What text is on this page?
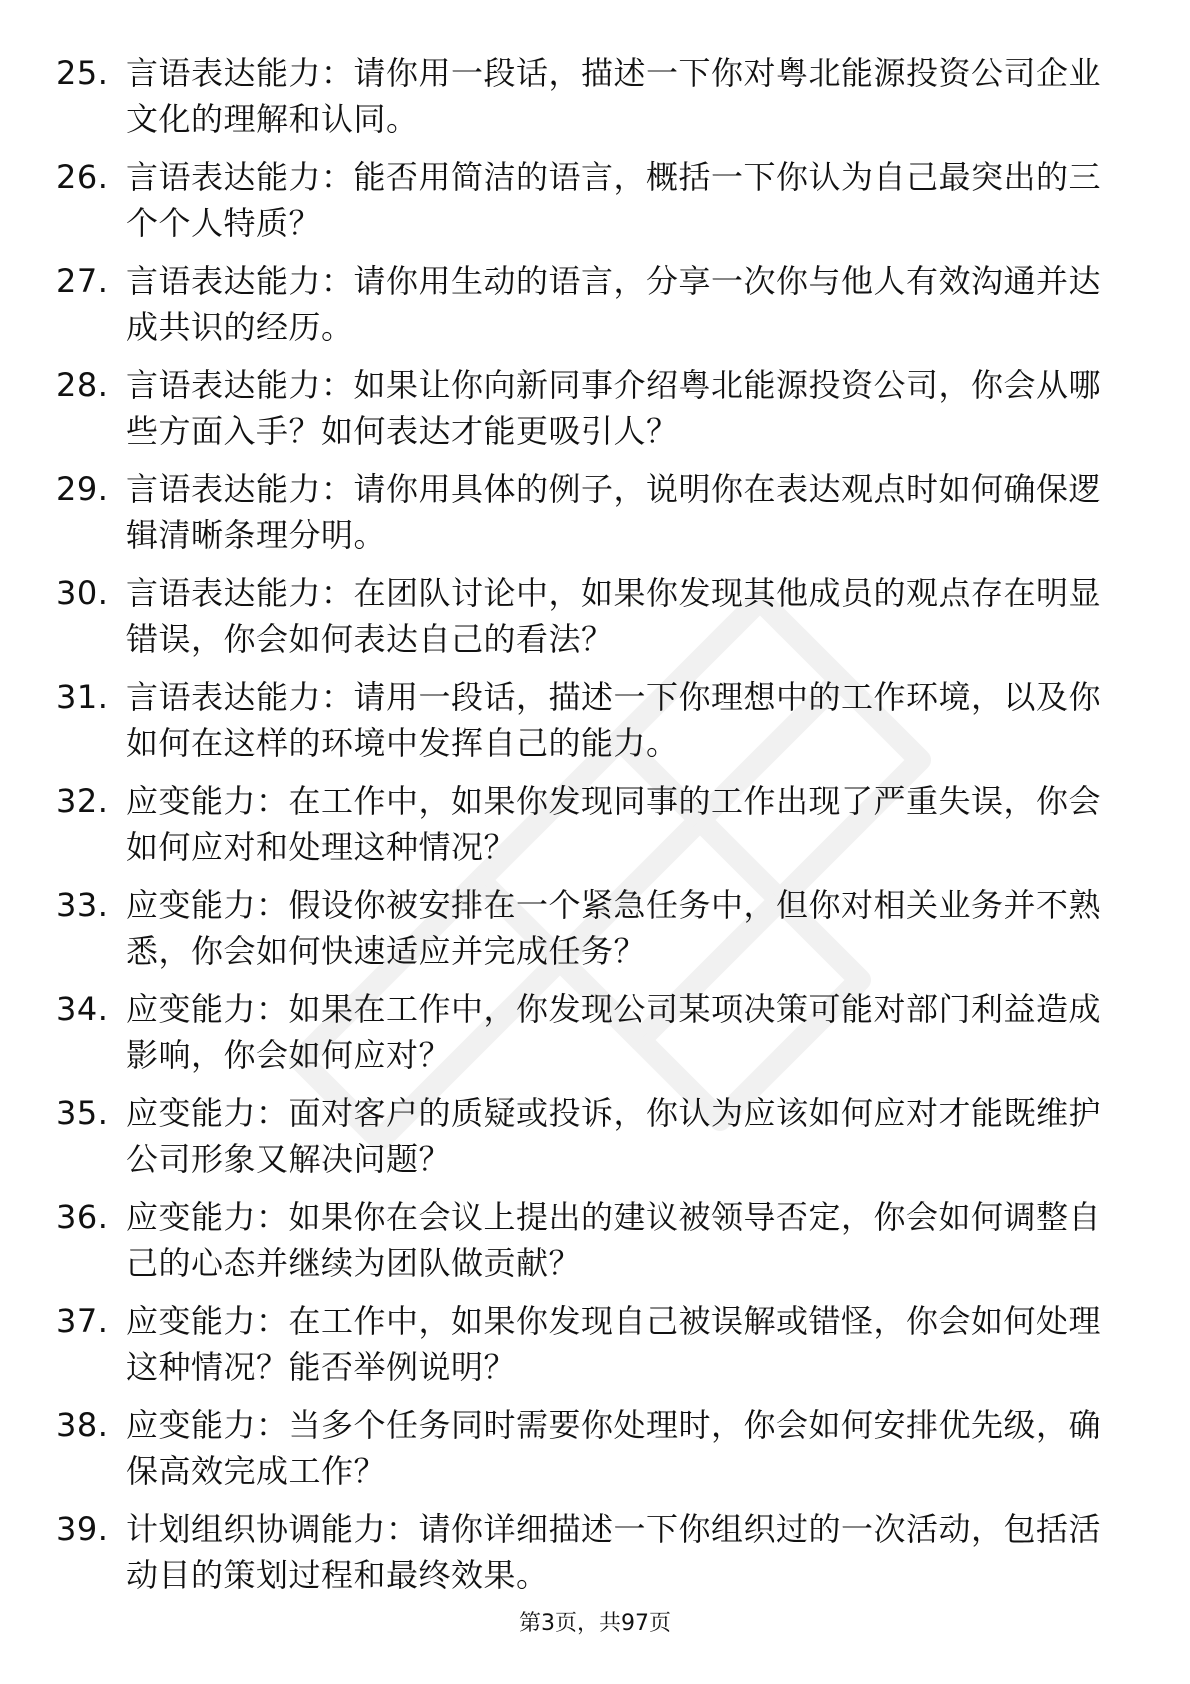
25. 言语表达能力：请你用一段话，描述一下你对粤北能源投资公司企业文化的理解和认同。
26. 言语表达能力：能否用简洁的语言，概括一下你认为自己最突出的三个个人特质？
27. 言语表达能力：请你用生动的语言，分享一次你与他人有效沟通并达成共识的经历。
28. 言语表达能力：如果让你向新同事介绍粤北能源投资公司，你会从哪些方面入手？如何表达才能更吸引人？
29. 言语表达能力：请你用具体的例子，说明你在表达观点时如何确保逻辑清晰条理分明。
30. 言语表达能力：在团队讨论中，如果你发现其他成员的观点存在明显错误，你会如何表达自己的看法？
31. 言语表达能力：请用一段话，描述一下你理想中的工作环境，以及你如何在这样的环境中发挥自己的能力。
32. 应变能力：在工作中，如果你发现同事的工作出现了严重失误，你会如何应对和处理这种情况？
33. 应变能力：假设你被安排在一个紧急任务中，但你对相关业务并不熟悉，你会如何快速适应并完成任务？
34. 应变能力：如果在工作中，你发现公司某项决策可能对部门利益造成影响，你会如何应对？
35. 应变能力：面对客户的质疑或投诉，你认为应该如何应对才能既维护公司形象又解决问题？
36. 应变能力：如果你在会议上提出的建议被领导否定，你会如何调整自己的心态并继续为团队做贡献？
37. 应变能力：在工作中，如果你发现自己被误解或错怪，你会如何处理这种情况？能否举例说明？
38. 应变能力：当多个任务同时需要你处理时，你会如何安排优先级，确保高效完成工作？
39. 计划组织协调能力：请你详细描述一下你组织过的一次活动，包括活动目的策划过程和最终效果。
第3页，共97页
